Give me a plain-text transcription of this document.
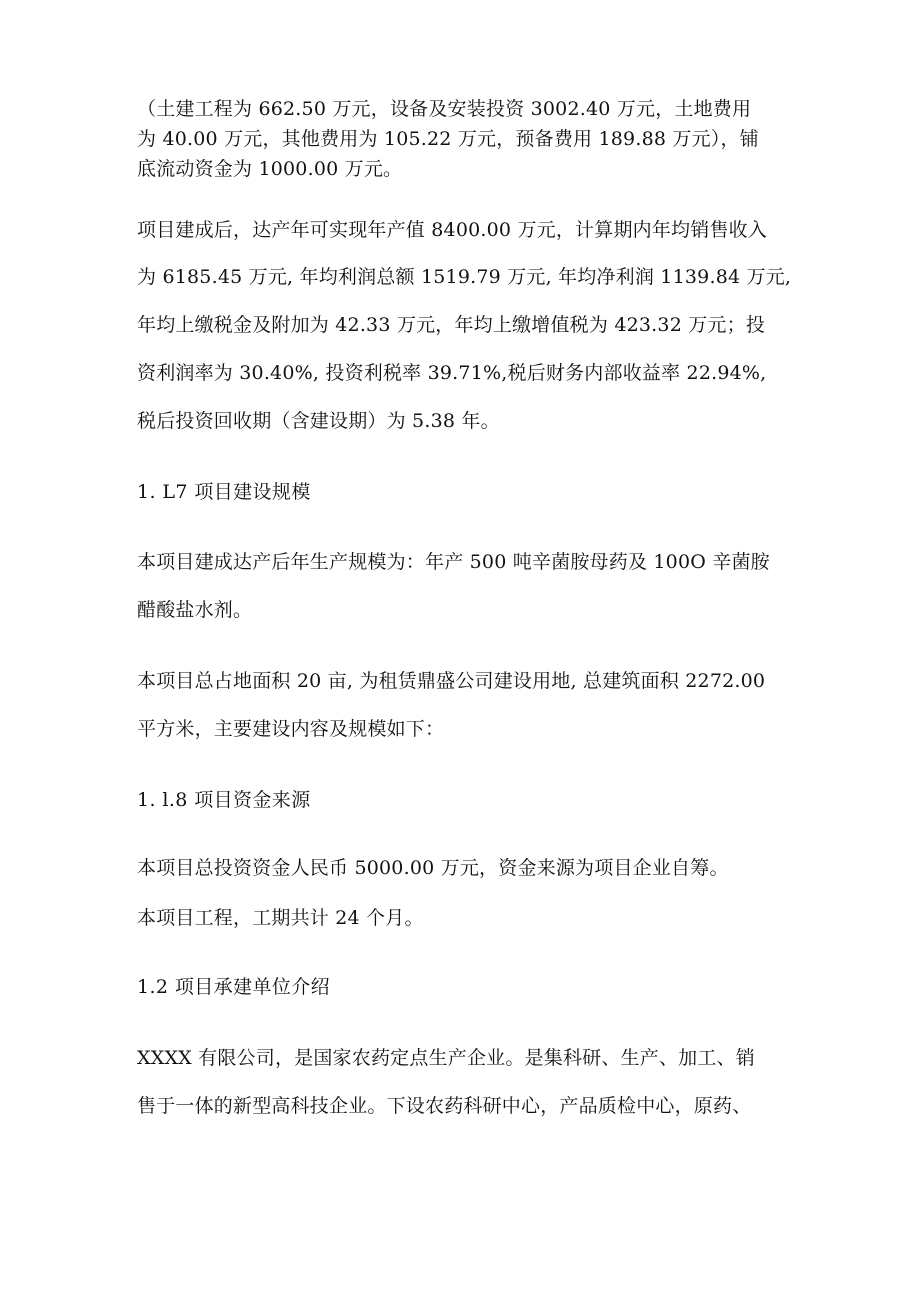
（土建工程为 662.50 万元，设备及安装投资 3002.40 万元，土地费用

为 40.00 万元，其他费用为 105.22 万元，预备费用 189.88 万元），铺

底流动资金为 1000.00 万元。

项目建成后，达产年可实现年产值 8400.00 万元，计算期内年均销售收入

为 6185.45 万元, 年均利润总额 1519.79 万元, 年均净利润 1139.84 万元,

年均上缴税金及附加为 42.33 万元，年均上缴增值税为 423.32 万元；投

资利润率为 30.40%, 投资利税率 39.71%,税后财务内部收益率 22.94%,

税后投资回收期（含建设期）为 5.38 年。

1. L7 项目建设规模

本项目建成达产后年生产规模为：年产 500 吨辛菌胺母药及 100O 辛菌胺

醋酸盐水剂。

本项目总占地面积 20 亩, 为租赁鼎盛公司建设用地, 总建筑面积 2272.00

平方米，主要建设内容及规模如下：

1. l.8 项目资金来源

本项目总投资资金人民币 5000.00 万元，资金来源为项目企业自筹。

本项目工程，工期共计 24 个月。

1.2 项目承建单位介绍

XXXX 有限公司，是国家农药定点生产企业。是集科研、生产、加工、销

售于一体的新型高科技企业。下设农药科研中心，产品质检中心，原药、
